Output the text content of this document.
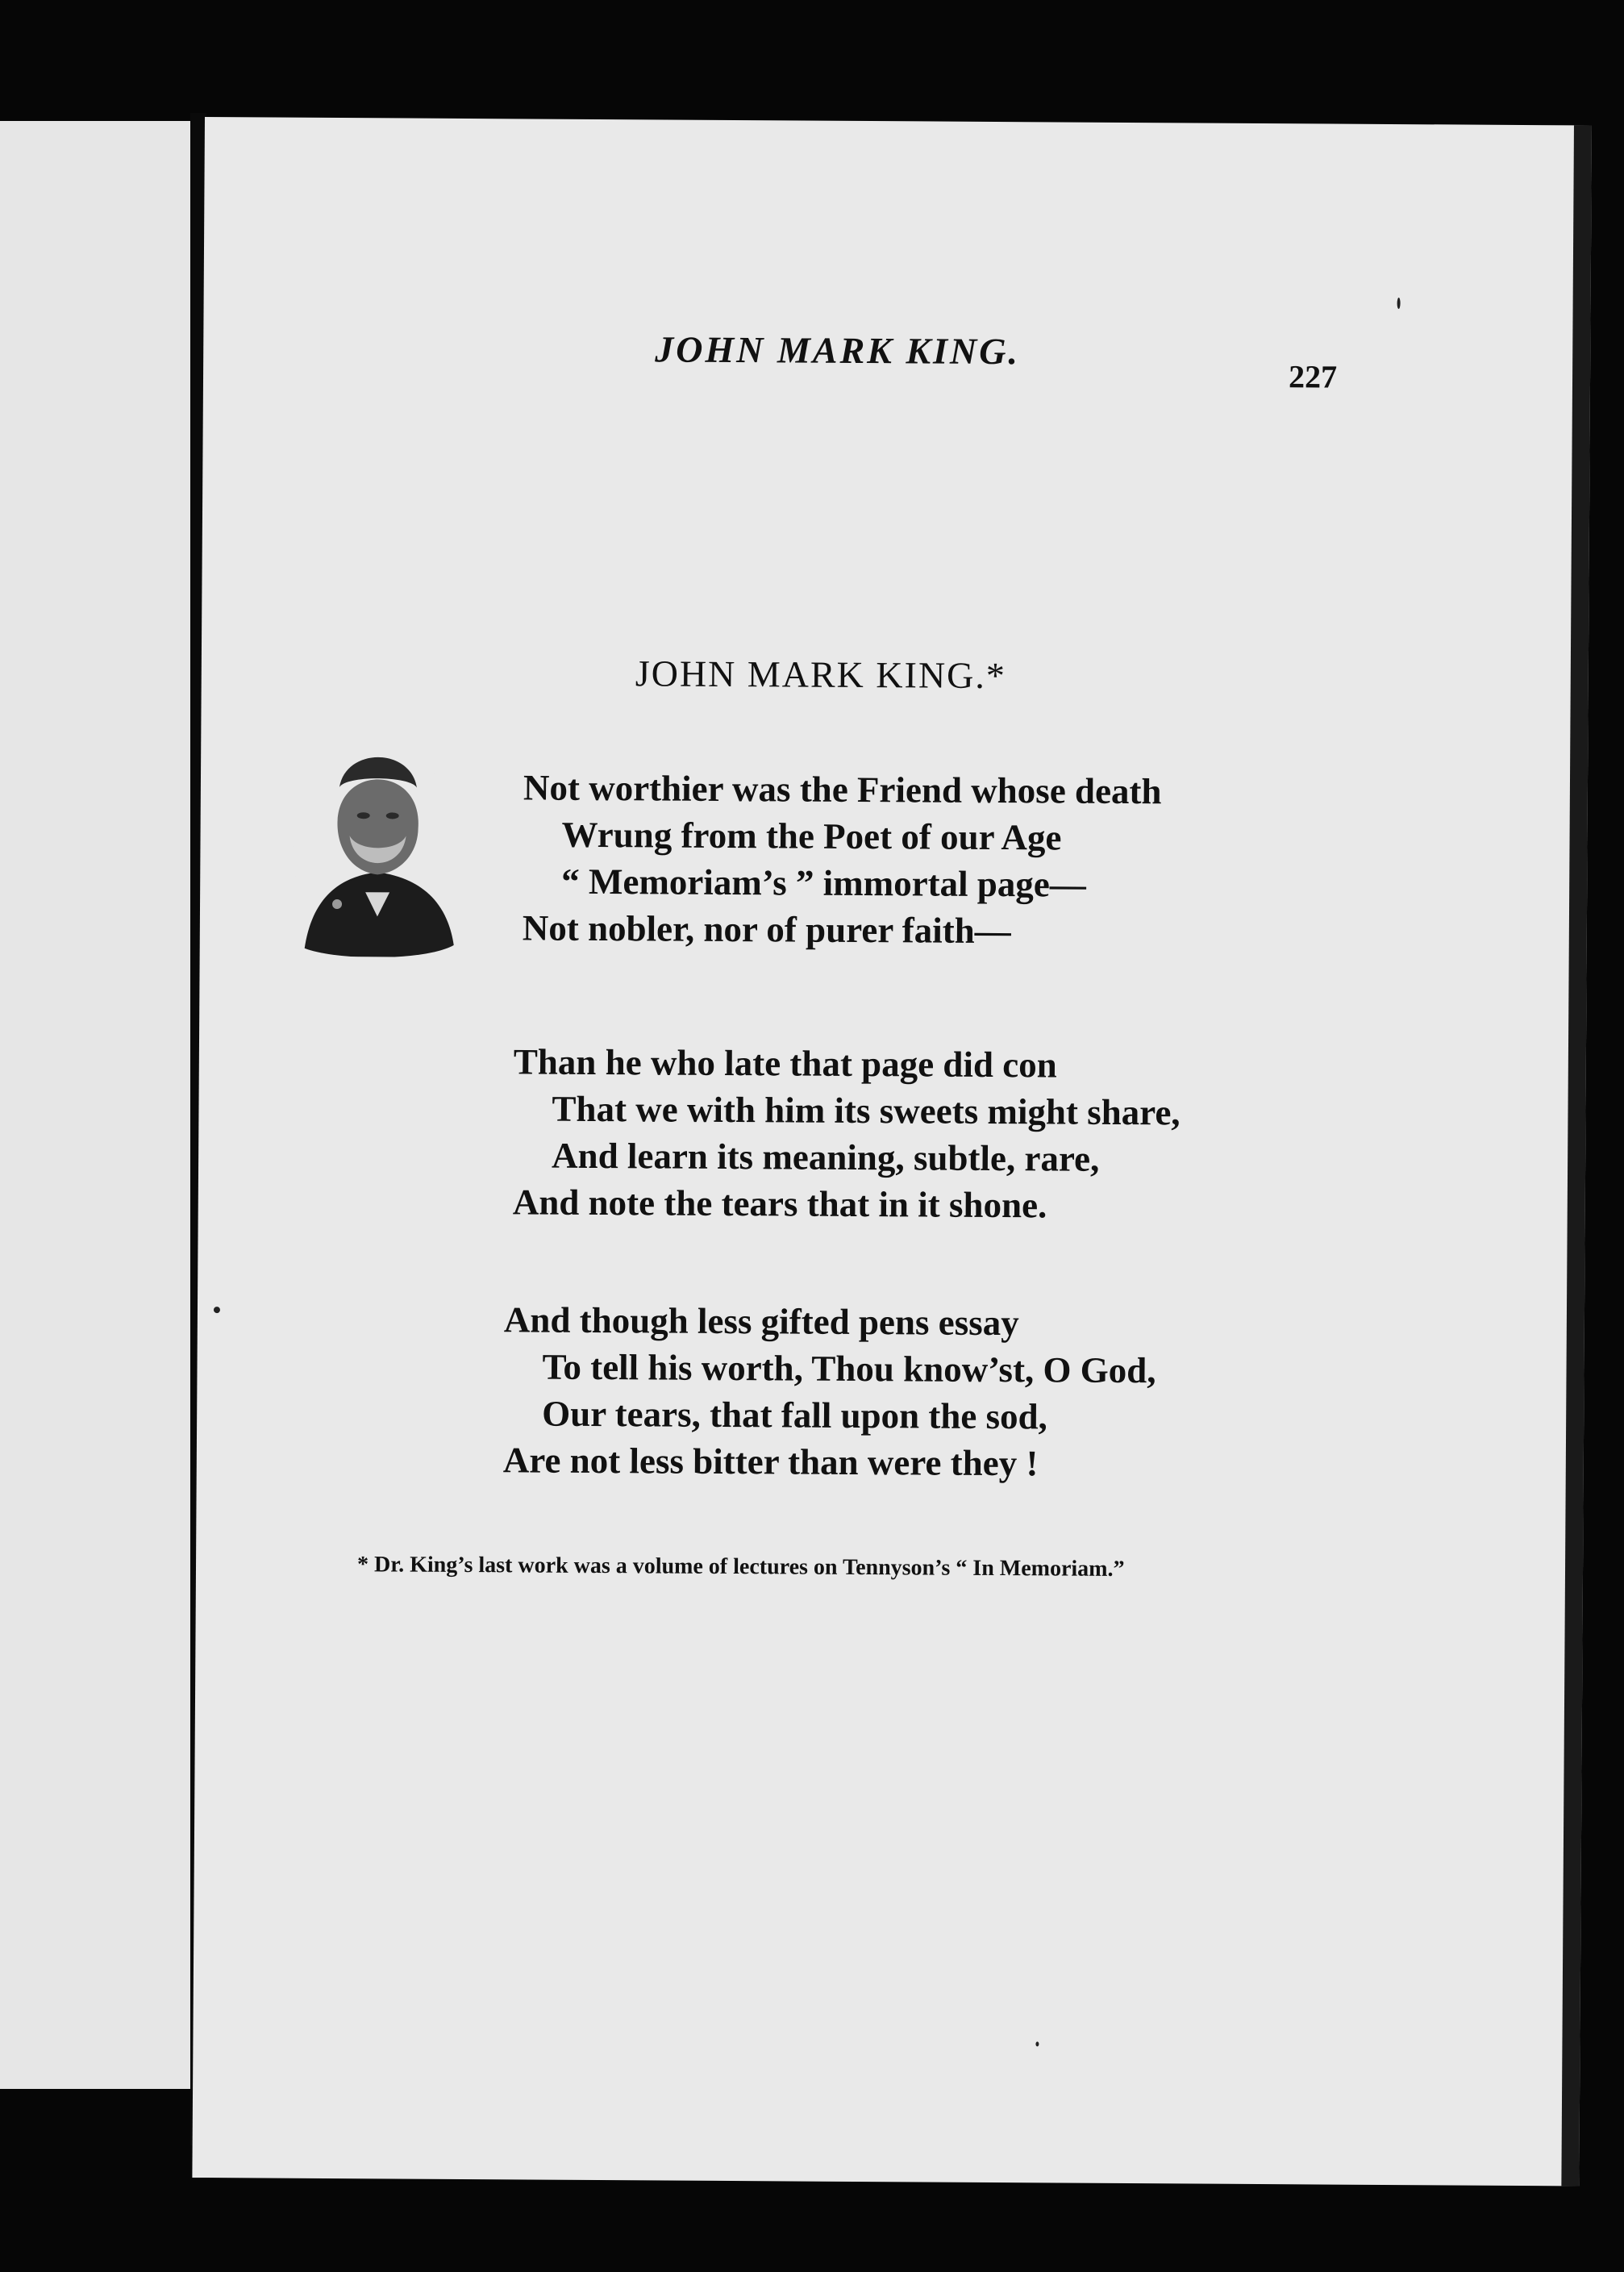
JOHN MARK KING.
227
JOHN MARK KING.*
Not worthier was the Friend whose death
Wrung from the Poet of our Age
“ Memoriam’s ” immortal page—
Not nobler, nor of purer faith—
Than he who late that page did con
That we with him its sweets might share,
And learn its meaning, subtle, rare,
And note the tears that in it shone.
And though less gifted pens essay
To tell his worth, Thou know’st, O God,
Our tears, that fall upon the sod,
Are not less bitter than were they !
* Dr. King’s last work was a volume of lectures on Tennyson’s “ In Memoriam.”
